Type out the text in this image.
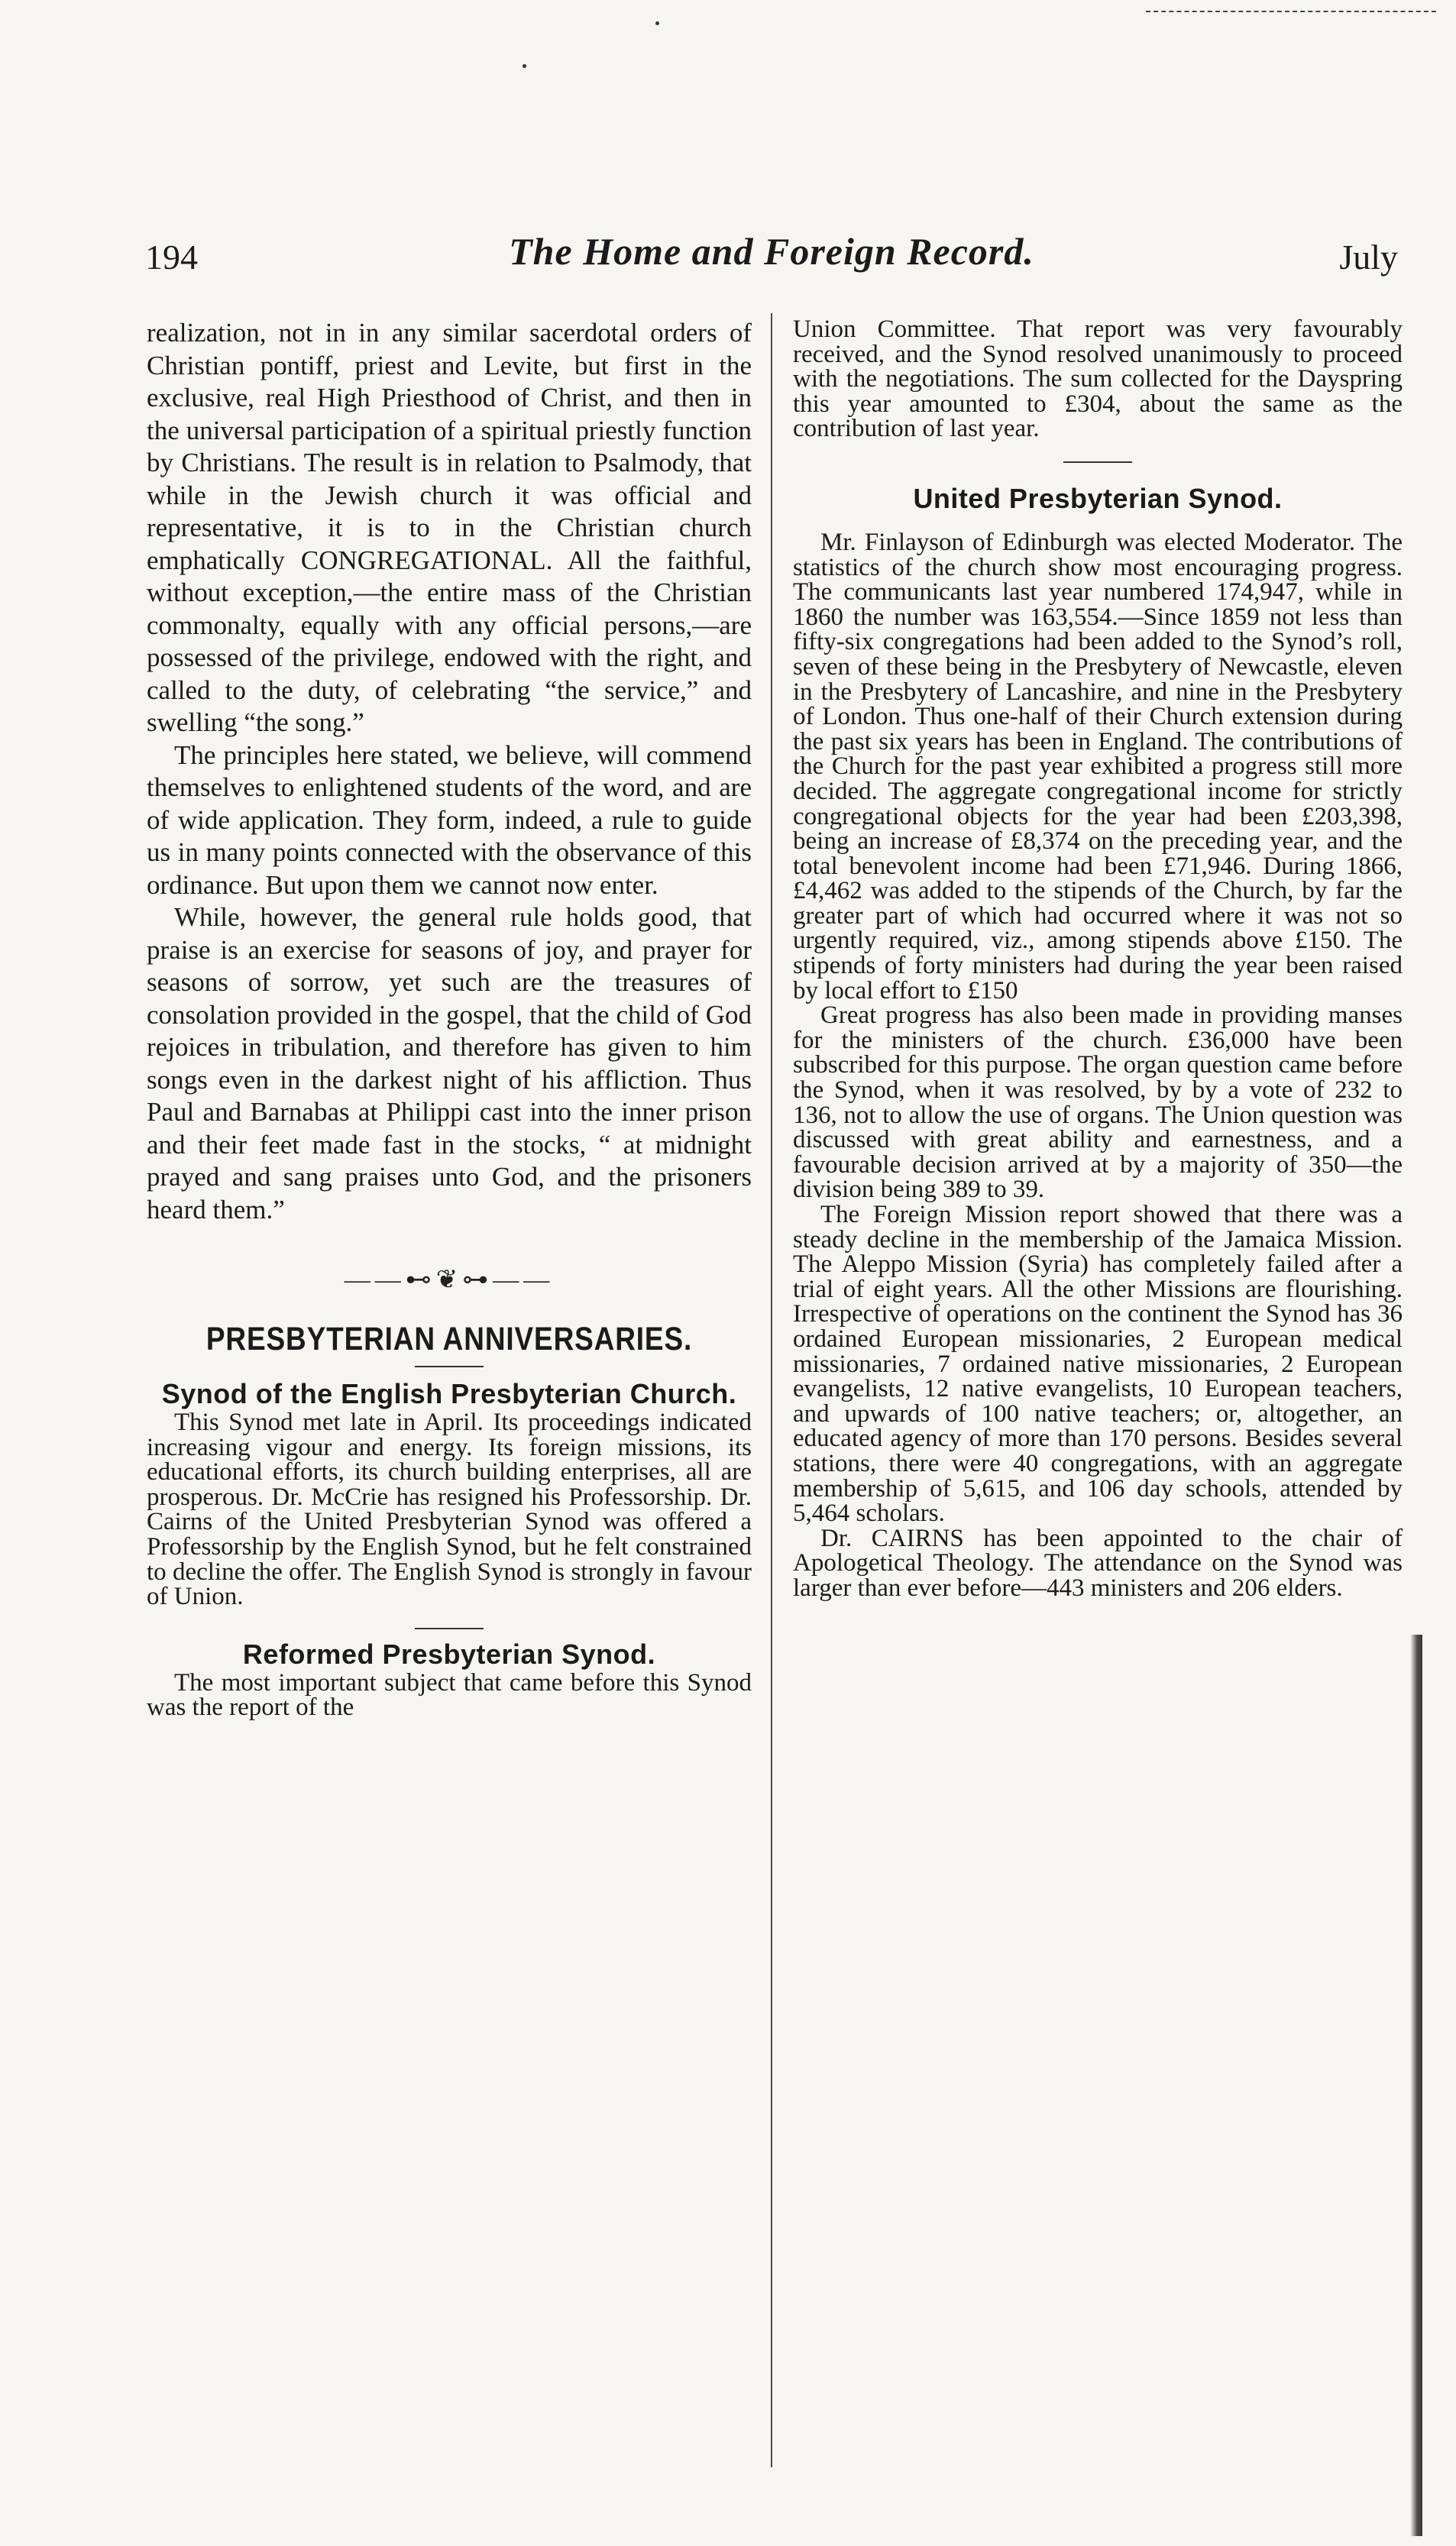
194	The Home and Foreign Record.	July

realization, not in in any similar sacerdotal orders of Christian pontiff, priest and Levite, but first in the exclusive, real High Priesthood of Christ, and then in the universal participation of a spiritual priestly function by Christians. The result is in relation to Psalmody, that while in the Jewish church it was official and representative, it is to in the Christian church emphatically CONGREGATIONAL. All the faithful, without exception,—the entire mass of the Christian commonalty, equally with any official persons,—are possessed of the privilege, endowed with the right, and called to the duty, of celebrating “the service,” and swelling “the song.”

The principles here stated, we believe, will commend themselves to enlightened students of the word, and are of wide application. They form, indeed, a rule to guide us in many points connected with the observance of this ordinance. But upon them we cannot now enter.

While, however, the general rule holds good, that praise is an exercise for seasons of joy, and prayer for seasons of sorrow, yet such are the treasures of consolation provided in the gospel, that the child of God rejoices in tribulation, and therefore has given to him songs even in the darkest night of his affliction. Thus Paul and Barnabas at Philippi cast into the inner prison and their feet made fast in the stocks, “ at midnight prayed and sang praises unto God, and the prisoners heard them.”

——⊷❦⊶——
PRESBYTERIAN ANNIVERSARIES.
Synod of the English Presbyterian Church.

This Synod met late in April. Its proceedings indicated increasing vigour and energy. Its foreign missions, its educational efforts, its church building enterprises, all are prosperous. Dr. McCrie has resigned his Professorship. Dr. Cairns of the United Presbyterian Synod was offered a Professorship by the English Synod, but he felt constrained to decline the offer. The English Synod is strongly in favour of Union.

Reformed Presbyterian Synod.

The most important subject that came before this Synod was the report of the

Union Committee. That report was very favourably received, and the Synod resolved unanimously to proceed with the negotiations. The sum collected for the Dayspring this year amounted to £304, about the same as the contribution of last year.

United Presbyterian Synod.

Mr. Finlayson of Edinburgh was elected Moderator. The statistics of the church show most encouraging progress. The communicants last year numbered 174,947, while in 1860 the number was 163,554.—Since 1859 not less than fifty-six congregations had been added to the Synod’s roll, seven of these being in the Presbytery of Newcastle, eleven in the Presbytery of Lancashire, and nine in the Presbytery of London. Thus one-half of their Church extension during the past six years has been in England. The contributions of the Church for the past year exhibited a progress still more decided. The aggregate congregational income for strictly congregational objects for the year had been £203,398, being an increase of £8,374 on the preceding year, and the total benevolent income had been £71,946. During 1866, £4,462 was added to the stipends of the Church, by far the greater part of which had occurred where it was not so urgently required, viz., among stipends above £150. The stipends of forty ministers had during the year been raised by local effort to £150

Great progress has also been made in providing manses for the ministers of the church. £36,000 have been subscribed for this purpose. The organ question came before the Synod, when it was resolved, by by a vote of 232 to 136, not to allow the use of organs. The Union question was discussed with great ability and earnestness, and a favourable decision arrived at by a majority of 350—the division being 389 to 39.

The Foreign Mission report showed that there was a steady decline in the membership of the Jamaica Mission. The Aleppo Mission (Syria) has completely failed after a trial of eight years. All the other Missions are flourishing. Irrespective of operations on the continent the Synod has 36 ordained European missionaries, 2 European medical missionaries, 7 ordained native missionaries, 2 European evangelists, 12 native evangelists, 10 European teachers, and upwards of 100 native teachers; or, altogether, an educated agency of more than 170 persons. Besides several stations, there were 40 congregations, with an aggregate membership of 5,615, and 106 day schools, attended by 5,464 scholars.

Dr. CAIRNS has been appointed to the chair of Apologetical Theology. The attendance on the Synod was larger than ever before—443 ministers and 206 elders.
